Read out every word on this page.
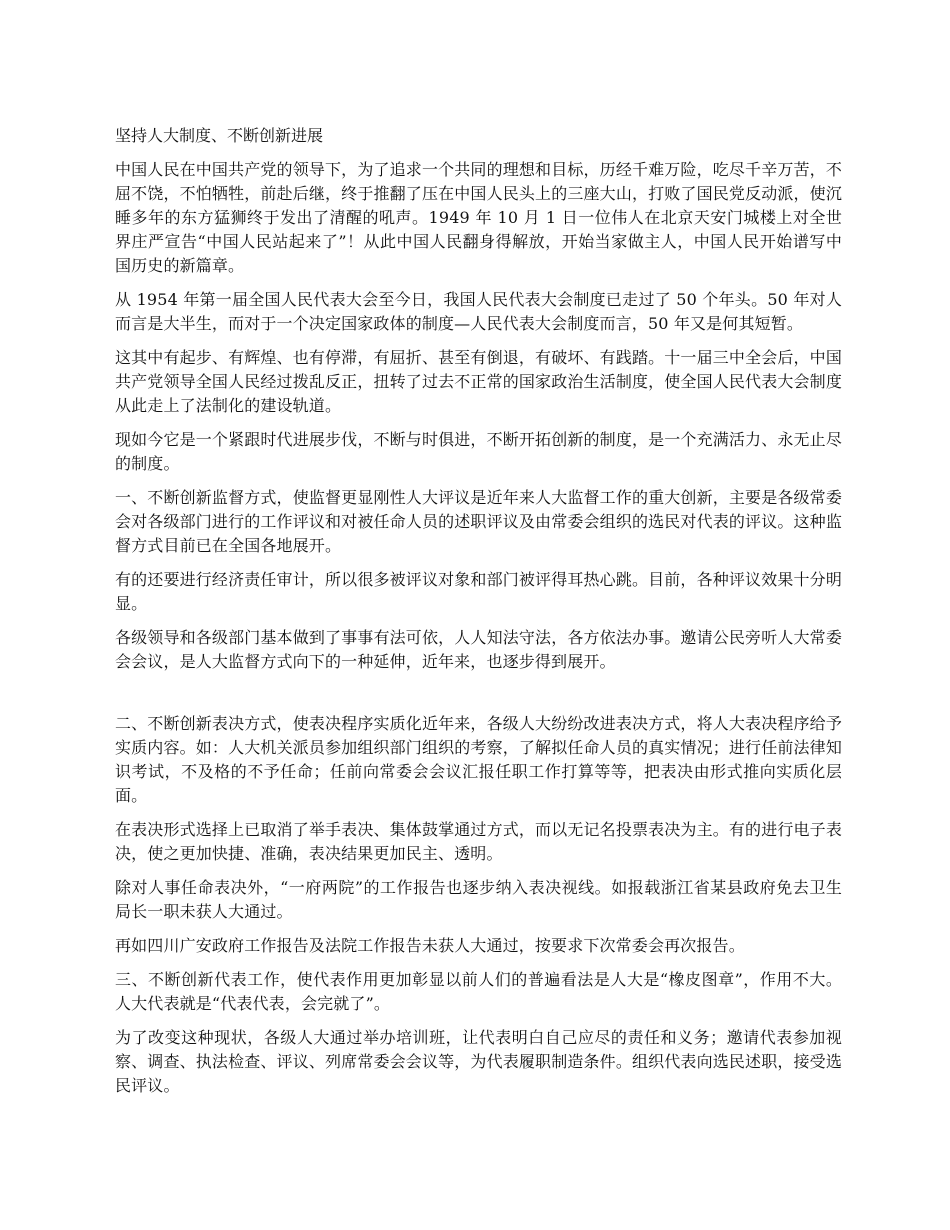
坚持人大制度、不断创新进展

中国人民在中国共产党的领导下，为了追求一个共同的理想和目标，历经千难万险，吃尽千辛万苦，不屈不饶，不怕牺牲，前赴后继，终于推翻了压在中国人民头上的三座大山，打败了国民党反动派，使沉睡多年的东方猛狮终于发出了清醒的吼声。1949 年 10 月 1 日一位伟人在北京天安门城楼上对全世界庄严宣告“中国人民站起来了”！从此中国人民翻身得解放，开始当家做主人，中国人民开始谱写中国历史的新篇章。

从 1954 年第一届全国人民代表大会至今日，我国人民代表大会制度已走过了 50 个年头。50 年对人而言是大半生，而对于一个决定国家政体的制度—人民代表大会制度而言，50 年又是何其短暂。

这其中有起步、有辉煌、也有停滞，有屈折、甚至有倒退，有破坏、有践踏。十一届三中全会后，中国共产党领导全国人民经过拨乱反正，扭转了过去不正常的国家政治生活制度，使全国人民代表大会制度从此走上了法制化的建设轨道。

现如今它是一个紧跟时代进展步伐，不断与时俱进，不断开拓创新的制度，是一个充满活力、永无止尽的制度。

一、不断创新监督方式，使监督更显刚性人大评议是近年来人大监督工作的重大创新，主要是各级常委会对各级部门进行的工作评议和对被任命人员的述职评议及由常委会组织的选民对代表的评议。这种监督方式目前已在全国各地展开。

有的还要进行经济责任审计，所以很多被评议对象和部门被评得耳热心跳。目前，各种评议效果十分明显。

各级领导和各级部门基本做到了事事有法可依，人人知法守法，各方依法办事。邀请公民旁听人大常委会会议，是人大监督方式向下的一种延伸，近年来，也逐步得到展开。

二、不断创新表决方式，使表决程序实质化近年来，各级人大纷纷改进表决方式，将人大表决程序给予实质内容。如：人大机关派员参加组织部门组织的考察，了解拟任命人员的真实情况；进行任前法律知识考试，不及格的不予任命；任前向常委会会议汇报任职工作打算等等，把表决由形式推向实质化层面。

在表决形式选择上已取消了举手表决、集体鼓掌通过方式，而以无记名投票表决为主。有的进行电子表决，使之更加快捷、准确，表决结果更加民主、透明。

除对人事任命表决外，“一府两院”的工作报告也逐步纳入表决视线。如报载浙江省某县政府免去卫生局长一职未获人大通过。

再如四川广安政府工作报告及法院工作报告未获人大通过，按要求下次常委会再次报告。

三、不断创新代表工作，使代表作用更加彰显以前人们的普遍看法是人大是“橡皮图章”，作用不大。人大代表就是“代表代表，会完就了”。

为了改变这种现状，各级人大通过举办培训班，让代表明白自己应尽的责任和义务；邀请代表参加视察、调查、执法检查、评议、列席常委会会议等，为代表履职制造条件。组织代表向选民述职，接受选民评议。
